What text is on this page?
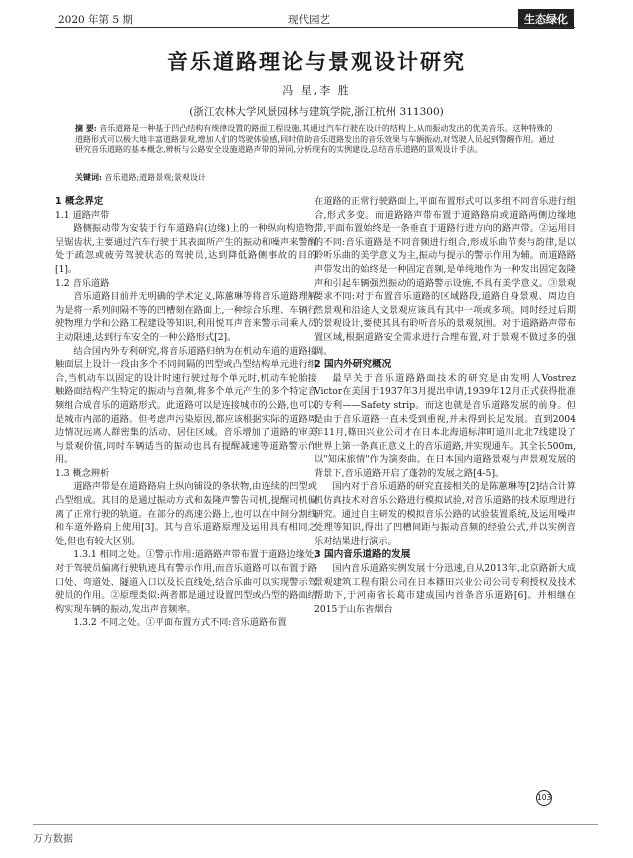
2020 年第 5 期	现代园艺	生态绿化
音乐道路理论与景观设计研究
冯 星,李 胜
(浙江农林大学风景园林与建筑学院,浙江杭州 311300)
摘 要: 音乐道路是一种基于凹凸结构有规律设置的路面工程设施,其通过汽车行驶在设计的结构上,从而振动发出的优美音乐。这种特殊的道路形式可以极大地丰富道路景观,增加人们的驾驶体验感,同时借助音乐道路发出的音乐效果与车辆振动,对驾驶人员起到警醒作用。通过研究音乐道路的基本概念,辨析与公路安全设施道路声带的异同,分析现有的实例建设,总结音乐道路的景观设计手法。
关键词: 音乐道路;道路景观;景观设计

1 概念界定

1.1 道路声带

路侧振动带为安装于行车道路肩(边缘)上的一种纵向构造物,呈锯齿状,主要通过汽车行驶于其表面所产生的振动和噪声来警醒处于疏忽或疲劳驾驶状态的驾驶员,达到降低路侧事故的目的[1]。

1.2 音乐道路

音乐道路目前并无明确的学术定义,陈蕙琳等将音乐道路理解为是将一系列间隔不等的凹槽刻在路面上,一种综合乐理、车辆行驶物理力学和公路工程建设等知识,利用悦耳声音来警示司乘人员主动限速,达到行车安全的一种公路形式[2]。

结合国内外专利研究,将音乐道路归纳为在机动车道的道路接触面层上设计一段由多个不同间隔的凹型或凸型结构单元进行组合,当机动车以固定的设计时速行驶过每个单元时,机动车轮胎接触路面结构产生特定的振动与音频,将多个单元产生的多个特定音频组合成音乐的道路形式。此道路可以是连接城市的公路,也可以是城市内部的道路。但考虑声污染原因,都应该根据实际的道路周边情况远离人群密集的活动、居住区域。音乐增加了道路的审美与景观价值,同时车辆适当的振动也具有提醒减速等道路警示作用。

1.3 概念辨析

道路声带是在道路路肩上纵向铺设的条状物,由连续的凹型或凸型组成。其目的是通过振动方式和轰隆声警告司机,提醒司机偏离了正常行驶的轨道。在部分的高速公路上,也可以在中间分割线和车道外路肩上使用[3]。其与音乐道路原理及运用具有相同之处,但也有较大区别。

1.3.1 相同之处。①警示作用:道路路声带布置于道路边缘处,对于驾驶员偏离行驶轨迹具有警示作用,而音乐道路可以布置于路口处、弯道处、隧道入口以及长直线处,结合乐曲可以实现警示驾驶员的作用。②原理类似:两者都是通过设置凹型或凸型的路面结构实现车辆的振动,发出声音频率。

1.3.2 不同之处。①平面布置方式不同:音乐道路布置

在道路的正常行驶路面上,平面布置形式可以多组不同音乐进行组合,形式多变。而道路路声带布置于道路路肩或道路两侧边缘地带,平面布置始终是一条垂直于道路行进方向的路声带。②运用目的不同:音乐道路是不同音频进行组合,形成乐曲节奏与韵律,是以聆听乐曲的美学意义为主,振动与提示的警示作用为辅。而道路路声带发出的始终是一种固定音频,是单纯地作为一种发出固定轰隆声和引起车辆强烈振动的道路警示设施,不具有美学意义。③景观要求不同:对于布置音乐道路的区域路段,道路自身景观、周边自然景观和沿途人文景观应该具有其中一项或多项。同时经过后期的景观设计,要使其具有聆听音乐的景观氛围。对于道路路声带布置区域,根据道路安全需求进行合理布置,对于景观不做过多的强调。

2 国内外研究概况

最早关于音乐道路路面技术的研究是由发明人Vostrez Victor在美国于1937年3月提出申请,1939年12月正式获得批准的专利——Safety strip。而这也就是音乐道路发展的前身。但是由于音乐道路一直未受到重视,并未得到长足发展。直到2004年11月,篠田兴业公司才在日本北海道标津町道川北北7线建设了世界上第一条真正意义上的音乐道路,并实现通车。其全长500m,以"知床旅情"作为演奏曲。在日本国内道路景观与声景观发展的背景下,音乐道路开启了蓬勃的发展之路[4-5]。

国内对于音乐道路的研究直接相关的是陈蕙琳等[2]结合计算机仿真技术对音乐公路进行模拟试验,对音乐道路的技术原理进行研究。通过自主研发的模拟音乐公路的试验装置系统,及运用噪声处理等知识,得出了凹槽间距与振动音频的经验公式,并以实例音乐对结果进行演示。

3 国内音乐道路的发展

国内音乐道路实例发展十分迅速,自从2013年,北京路新大成景观建筑工程有限公司在日本篠田兴业公司公司专利授权及技术帮助下,于河南省长葛市建成国内首条音乐道路[6]。并相继在2015于山东省烟台

103
万方数据
